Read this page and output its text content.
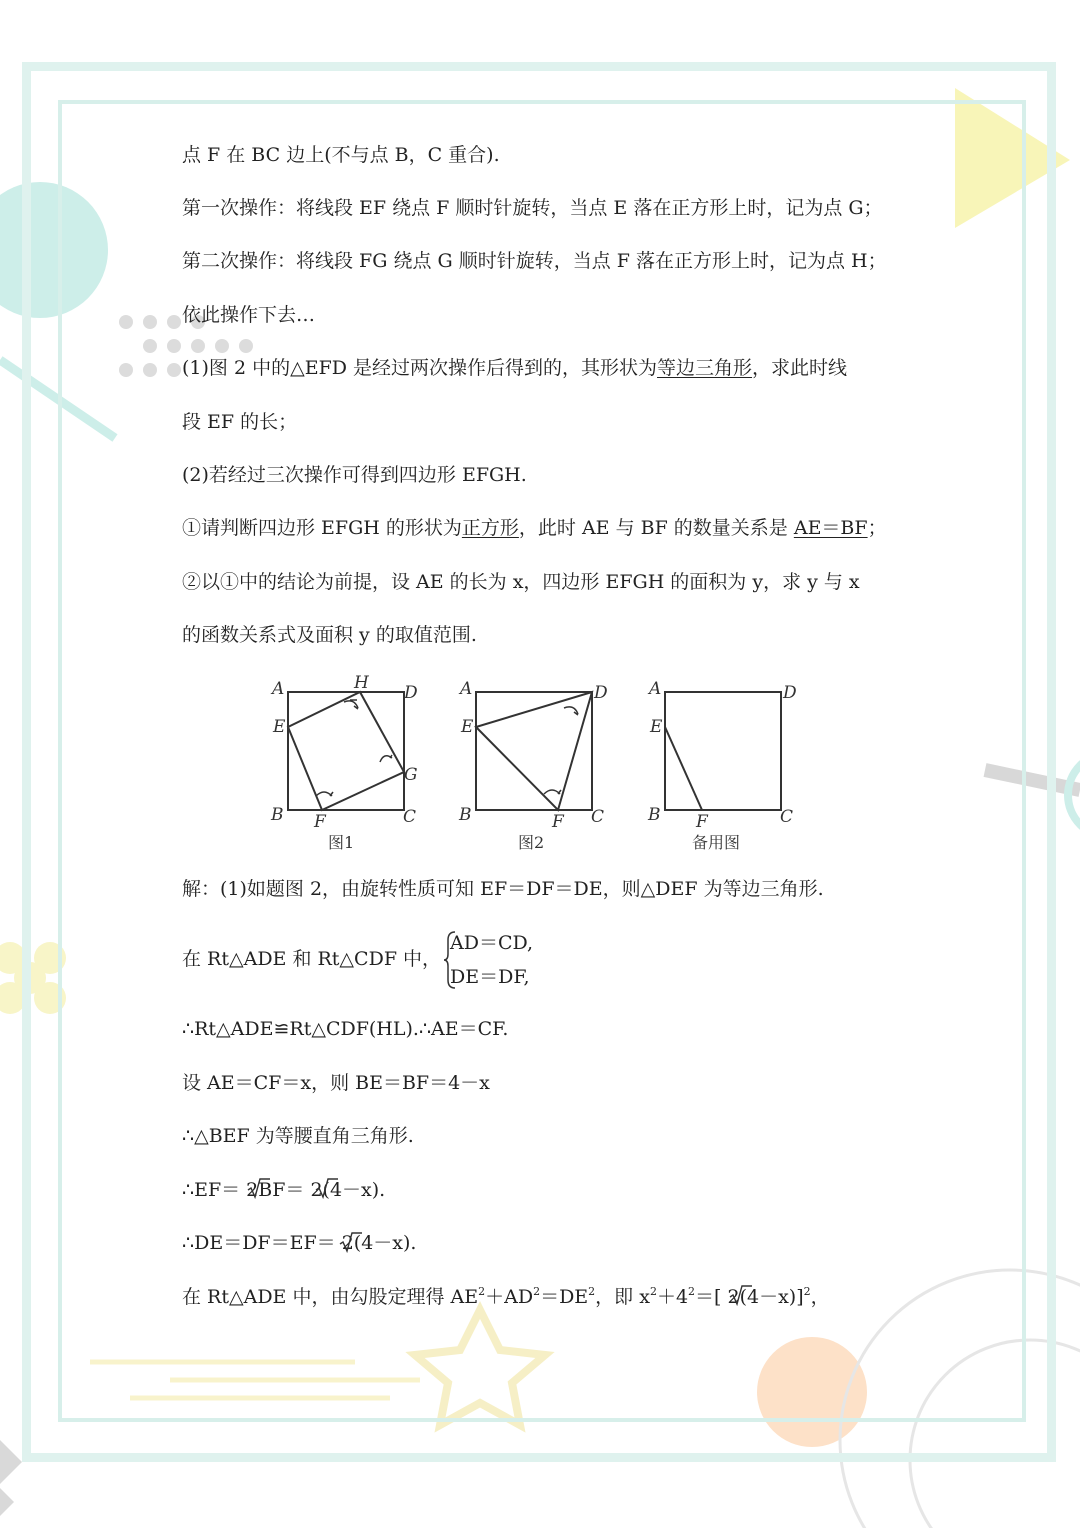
点 F 在 BC 边上(不与点 B，C 重合).
第一次操作：将线段 EF 绕点 F 顺时针旋转，当点 E 落在正方形上时，记为点 G；
第二次操作：将线段 FG 绕点 G 顺时针旋转，当点 F 落在正方形上时，记为点 H；
依此操作下去…
(1)图 2 中的△EFD 是经过两次操作后得到的，其形状为等边三角形，求此时线
段 EF 的长；
(2)若经过三次操作可得到四边形 EFGH.
①请判断四边形 EFGH 的形状为正方形，此时 AE 与 BF 的数量关系是 AE＝BF；
②以①中的结论为前提，设 AE 的长为 x，四边形 EFGH 的面积为 y，求 y 与 x
的函数关系式及面积 y 的取值范围.
A	H D
E
G
B F	C
图1
A	D
E
B	F C
图2
A	D
E
B F	C
备用图
解：(1)如题图 2，由旋转性质可知 EF＝DF＝DE，则△DEF 为等边三角形.
在 Rt△ADE 和 Rt△CDF 中，
AD＝CD,
DE＝DF,
∴Rt△ADE≌Rt△CDF(HL).∴AE＝CF.
设 AE＝CF＝x，则 BE＝BF＝4－x
∴△BEF 为等腰直角三角形.
∴EF＝ 2BF＝ 2(4－x).
∴DE＝DF＝EF＝ 2(4－x).
在 Rt△ADE 中，由勾股定理得 $AE^2+AD^2=DE^2$，即 $x^2+4^2=$[ 2(4－x)]$^2$，
